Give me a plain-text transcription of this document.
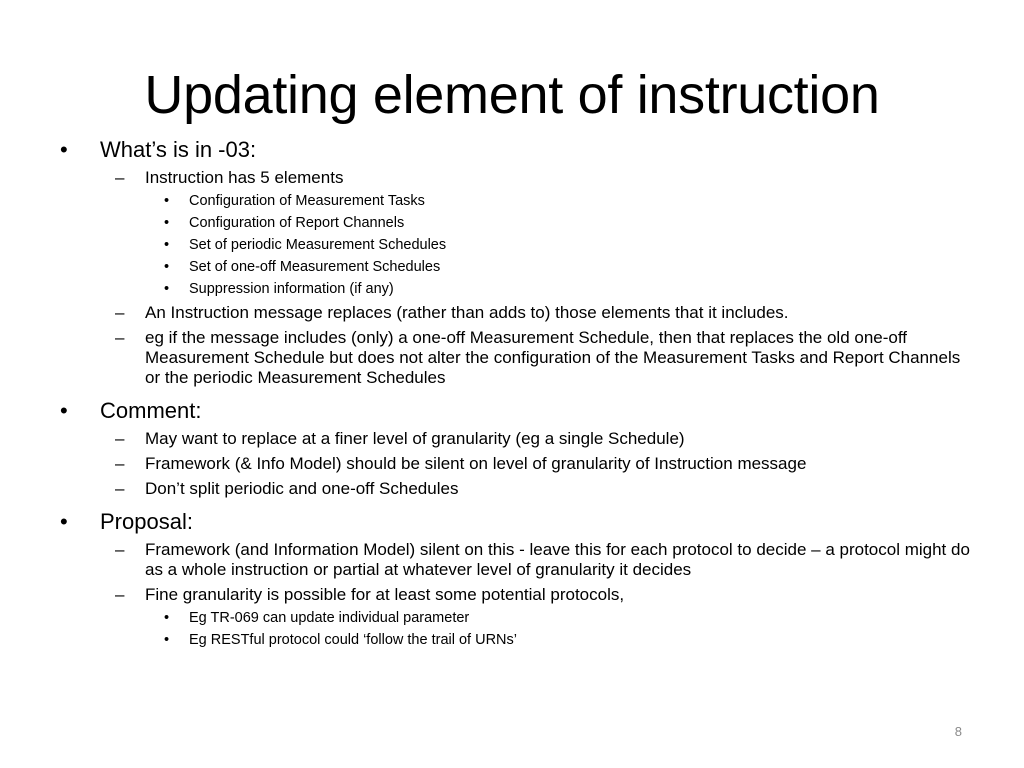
Updating element of instruction
• What’s is in -03:
– Instruction has 5 elements
• Configuration of Measurement Tasks
• Configuration of Report Channels
• Set of periodic Measurement Schedules
• Set of one-off Measurement Schedules
• Suppression information (if any)
– An Instruction message replaces (rather than adds to) those elements that it includes.
– eg if the message includes (only) a one-off Measurement Schedule, then that replaces the old one-off Measurement Schedule but does not alter the configuration of the Measurement Tasks and Report Channels or the periodic Measurement Schedules
• Comment:
– May want to replace at a finer level of granularity (eg a single Schedule)
– Framework (& Info Model) should be silent on level of granularity of Instruction message
– Don’t split periodic and one-off Schedules
• Proposal:
– Framework (and Information Model) silent on this - leave this for each protocol to decide – a protocol might do as a whole instruction or partial at whatever level of granularity it decides
– Fine granularity is possible for at least some potential protocols,
• Eg TR-069 can update individual parameter
• Eg RESTful protocol could ‘follow the trail of URNs’
8
